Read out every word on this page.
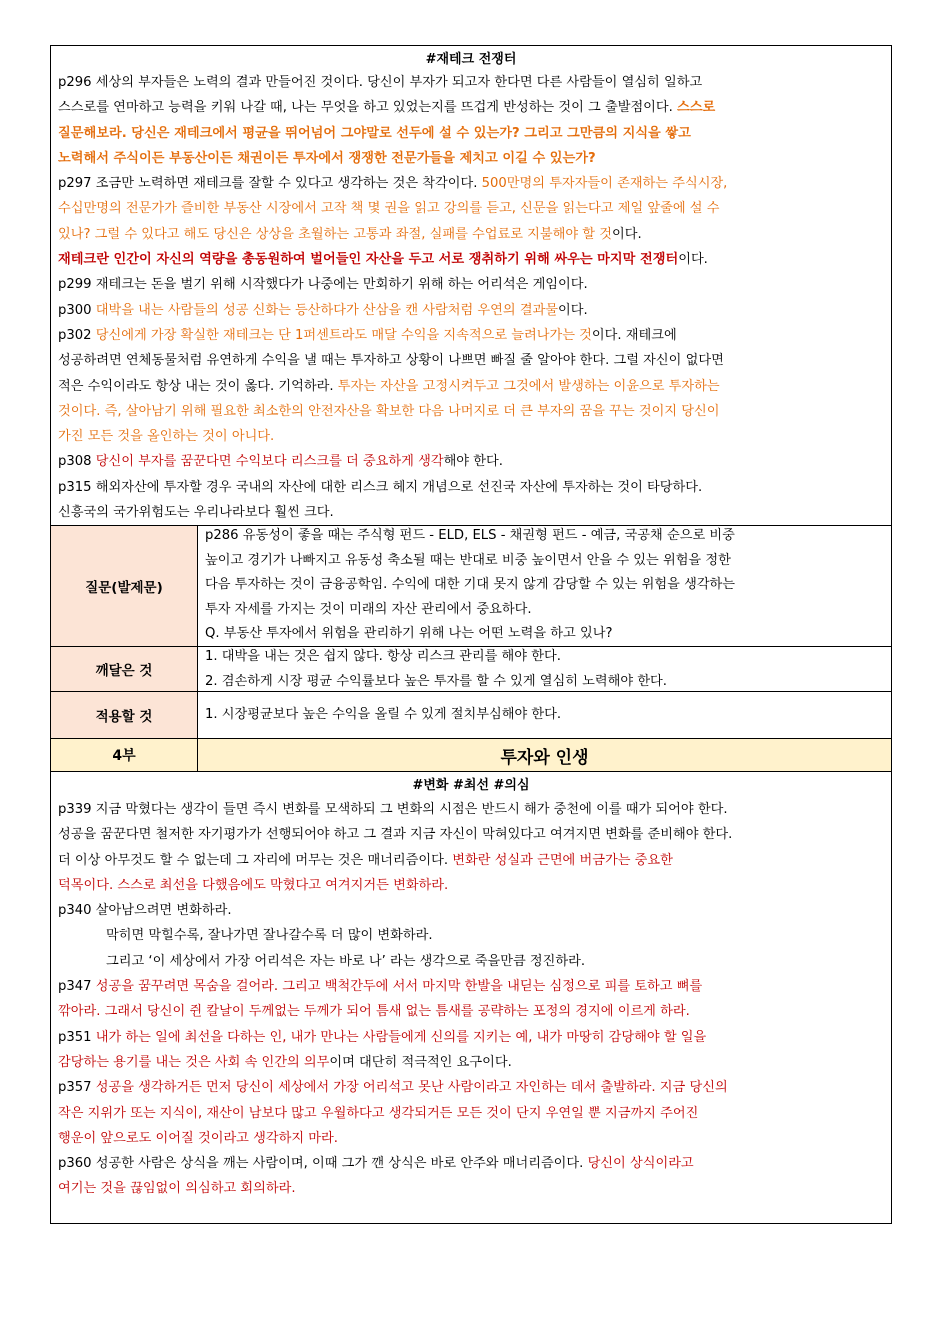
#재테크 전쟁터
p296 세상의 부자들은 노력의 결과 만들어진 것이다. 당신이 부자가 되고자 한다면 다른 사람들이 열심히 일하고
스스로를 연마하고 능력을 키워 나갈 때, 나는 무엇을 하고 있었는지를 뜨겁게 반성하는 것이 그 출발점이다. 스스로
질문해보라. 당신은 재테크에서 평균을 뛰어넘어 그야말로 선두에 설 수 있는가? 그리고 그만큼의 지식을 쌓고
노력해서 주식이든 부동산이든 채권이든 투자에서 쟁쟁한 전문가들을 제치고 이길 수 있는가?
p297 조금만 노력하면 재테크를 잘할 수 있다고 생각하는 것은 착각이다. 500만명의 투자자들이 존재하는 주식시장,
수십만명의 전문가가 즐비한 부동산 시장에서 고작 책 몇 권을 읽고 강의를 듣고, 신문을 읽는다고 제일 앞줄에 설 수
있나? 그럴 수 있다고 해도 당신은 상상을 초월하는 고통과 좌절, 실패를 수업료로 지불해야 할 것이다.
재테크란 인간이 자신의 역량을 총동원하여 벌어들인 자산을 두고 서로 쟁취하기 위해 싸우는 마지막 전쟁터이다.
p299 재테크는 돈을 벌기 위해 시작했다가 나중에는 만회하기 위해 하는 어리석은 게임이다.
p300 대박을 내는 사람들의 성공 신화는 등산하다가 산삼을 캔 사람처럼 우연의 결과물이다.
p302 당신에게 가장 확실한 재테크는 단 1퍼센트라도 매달 수익을 지속적으로 늘려나가는 것이다. 재테크에
성공하려면 연체동물처럼 유연하게 수익을 낼 때는 투자하고 상황이 나쁘면 빠질 줄 알아야 한다. 그럴 자신이 없다면
적은 수익이라도 항상 내는 것이 옳다. 기억하라. 투자는 자산을 고정시켜두고 그것에서 발생하는 이윤으로 투자하는
것이다. 즉, 살아남기 위해 필요한 최소한의 안전자산을 확보한 다음 나머지로 더 큰 부자의 꿈을 꾸는 것이지 당신이
가진 모든 것을 올인하는 것이 아니다.
p308 당신이 부자를 꿈꾼다면 수익보다 리스크를 더 중요하게 생각해야 한다.
p315 해외자산에 투자할 경우 국내의 자산에 대한 리스크 헤지 개념으로 선진국 자산에 투자하는 것이 타당하다.
신흥국의 국가위험도는 우리나라보다 훨씬 크다.
질문(발제문)
p286 유동성이 좋을 때는 주식형 펀드 - ELD, ELS - 채권형 펀드 - 예금, 국공채 순으로 비중
높이고 경기가 나빠지고 유동성 축소될 때는 반대로 비중 높이면서 안을 수 있는 위험을 정한
다음 투자하는 것이 금융공학임. 수익에 대한 기대 못지 않게 감당할 수 있는 위험을 생각하는
투자 자세를 가지는 것이 미래의 자산 관리에서 중요하다.
Q. 부동산 투자에서 위험을 관리하기 위해 나는 어떤 노력을 하고 있나?
깨달은 것
1. 대박을 내는 것은 쉽지 않다. 항상 리스크 관리를 해야 한다.
2. 겸손하게 시장 평균 수익률보다 높은 투자를 할 수 있게 열심히 노력해야 한다.
적용할 것	1. 시장평균보다 높은 수익을 올릴 수 있게 절치부심해야 한다.
4부	투자와 인생
#변화 #최선 #의심
p339 지금 막혔다는 생각이 들면 즉시 변화를 모색하되 그 변화의 시점은 반드시 해가 중천에 이를 때가 되어야 한다.
성공을 꿈꾼다면 철저한 자기평가가 선행되어야 하고 그 결과 지금 자신이 막혀있다고 여겨지면 변화를 준비해야 한다.
더 이상 아무것도 할 수 없는데 그 자리에 머무는 것은 매너리즘이다. 변화란 성실과 근면에 버금가는 중요한
덕목이다. 스스로 최선을 다했음에도 막혔다고 여겨지거든 변화하라.
p340 살아남으려면 변화하라.
막히면 막힐수록, 잘나가면 잘나갈수록 더 많이 변화하라.
그리고 ‘이 세상에서 가장 어리석은 자는 바로 나’ 라는 생각으로 죽을만큼 정진하라.
p347 성공을 꿈꾸려면 목숨을 걸어라. 그리고 백척간두에 서서 마지막 한발을 내딛는 심정으로 피를 토하고 뼈를
깎아라. 그래서 당신이 쥔 칼날이 두께없는 두께가 되어 틈새 없는 틈새를 공략하는 포정의 경지에 이르게 하라.
p351 내가 하는 일에 최선을 다하는 인, 내가 만나는 사람들에게 신의를 지키는 예, 내가 마땅히 감당해야 할 일을
감당하는 용기를 내는 것은 사회 속 인간의 의무이며 대단히 적극적인 요구이다.
p357 성공을 생각하거든 먼저 당신이 세상에서 가장 어리석고 못난 사람이라고 자인하는 데서 출발하라. 지금 당신의
작은 지위가 또는 지식이, 재산이 남보다 많고 우월하다고 생각되거든 모든 것이 단지 우연일 뿐 지금까지 주어진
행운이 앞으로도 이어질 것이라고 생각하지 마라.
p360 성공한 사람은 상식을 깨는 사람이며, 이때 그가 깬 상식은 바로 안주와 매너리즘이다. 당신이 상식이라고
여기는 것을 끊임없이 의심하고 회의하라.
